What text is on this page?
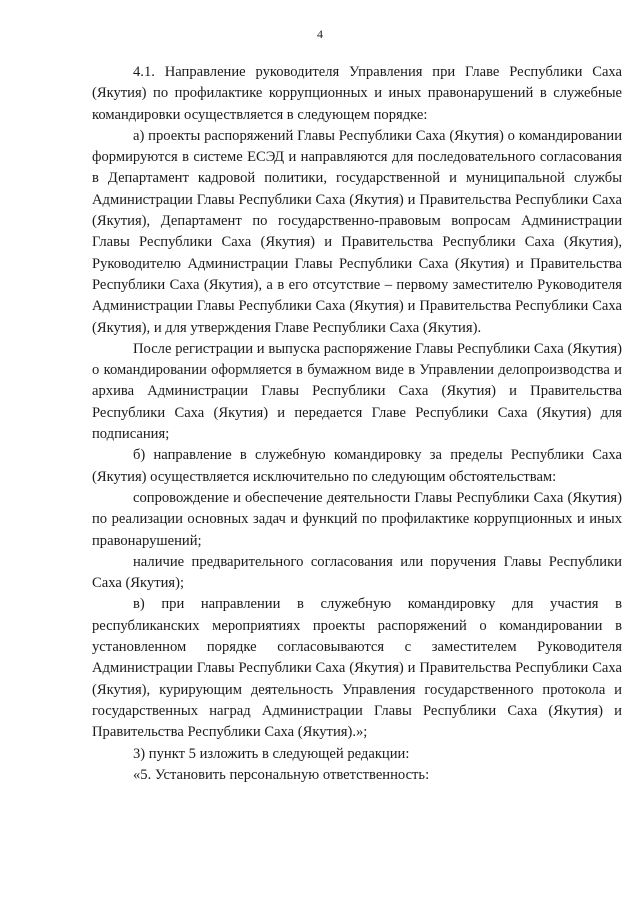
4

4.1. Направление руководителя Управления при Главе Республики Саха (Якутия) по профилактике коррупционных и иных правонарушений в служебные командировки осуществляется в следующем порядке:

а) проекты распоряжений Главы Республики Саха (Якутия) о командировании формируются в системе ЕСЭД и направляются для последовательного согласования в Департамент кадровой политики, государственной и муниципальной службы Администрации Главы Республики Саха (Якутия) и Правительства Республики Саха (Якутия), Департамент по государственно-правовым вопросам Администрации Главы Республики Саха (Якутия) и Правительства Республики Саха (Якутия), Руководителю Администрации Главы Республики Саха (Якутия) и Правительства Республики Саха (Якутия), а в его отсутствие – первому заместителю Руководителя Администрации Главы Республики Саха (Якутия) и Правительства Республики Саха (Якутия), и для утверждения Главе Республики Саха (Якутия).

После регистрации и выпуска распоряжение Главы Республики Саха (Якутия) о командировании оформляется в бумажном виде в Управлении делопроизводства и архива Администрации Главы Республики Саха (Якутия) и Правительства Республики Саха (Якутия) и передается Главе Республики Саха (Якутия) для подписания;

б) направление в служебную командировку за пределы Республики Саха (Якутия) осуществляется исключительно по следующим обстоятельствам:

сопровождение и обеспечение деятельности Главы Республики Саха (Якутия) по реализации основных задач и функций по профилактике коррупционных и иных правонарушений;

наличие предварительного согласования или поручения Главы Республики Саха (Якутия);

в) при направлении в служебную командировку для участия в республиканских мероприятиях проекты распоряжений о командировании в установленном порядке согласовываются с заместителем Руководителя Администрации Главы Республики Саха (Якутия) и Правительства Республики Саха (Якутия), курирующим деятельность Управления государственного протокола и государственных наград Администрации Главы Республики Саха (Якутия) и Правительства Республики Саха (Якутия).»;

3) пункт 5 изложить в следующей редакции:

«5. Установить персональную ответственность:
